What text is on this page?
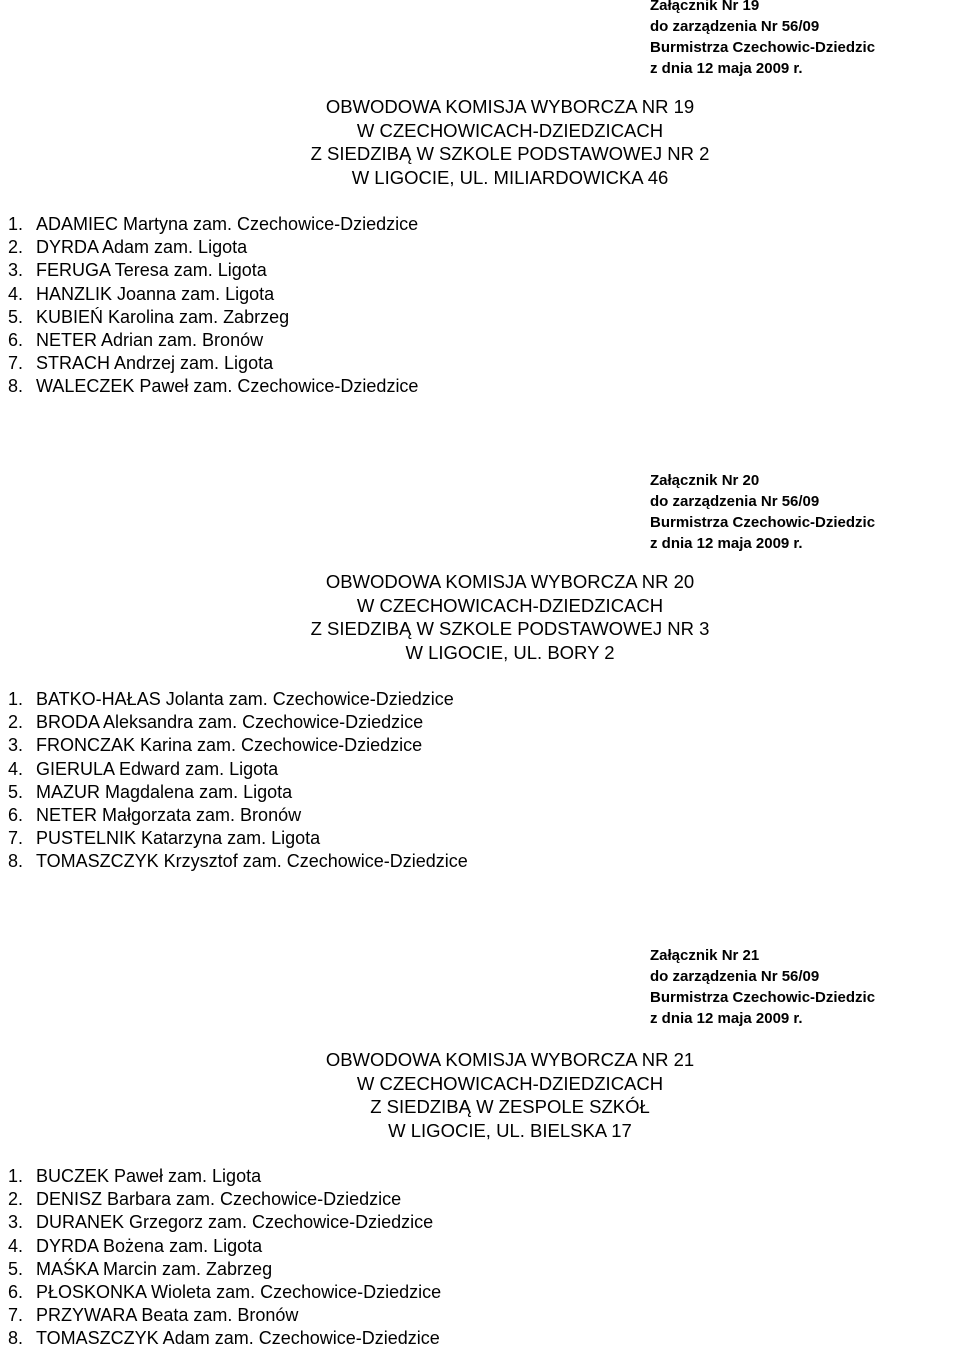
Załącznik Nr 19
do zarządzenia Nr 56/09
Burmistrza Czechowic-Dziedzic
z dnia 12 maja 2009 r.
OBWODOWA KOMISJA WYBORCZA NR 19
W CZECHOWICACH-DZIEDZICACH
Z SIEDZIBĄ W SZKOLE PODSTAWOWEJ NR 2
W LIGOCIE, UL. MILIARDOWICKA 46
1. ADAMIEC Martyna zam. Czechowice-Dziedzice
2. DYRDA Adam zam. Ligota
3. FERUGA Teresa zam. Ligota
4. HANZLIK Joanna zam. Ligota
5. KUBIEŃ Karolina zam. Zabrzeg
6. NETER Adrian zam. Bronów
7. STRACH Andrzej zam. Ligota
8. WALECZEK Paweł zam. Czechowice-Dziedzice
Załącznik Nr 20
do zarządzenia Nr 56/09
Burmistrza Czechowic-Dziedzic
z dnia 12 maja 2009 r.
OBWODOWA KOMISJA WYBORCZA NR 20
W CZECHOWICACH-DZIEDZICACH
Z SIEDZIBĄ W SZKOLE PODSTAWOWEJ NR 3
W LIGOCIE, UL. BORY 2
1. BATKO-HAŁAS Jolanta zam. Czechowice-Dziedzice
2. BRODA Aleksandra zam. Czechowice-Dziedzice
3. FRONCZAK Karina zam. Czechowice-Dziedzice
4. GIERULA Edward zam. Ligota
5. MAZUR Magdalena zam. Ligota
6. NETER Małgorzata zam. Bronów
7. PUSTELNIK Katarzyna zam. Ligota
8. TOMASZCZYK Krzysztof zam. Czechowice-Dziedzice
Załącznik Nr 21
do zarządzenia Nr 56/09
Burmistrza Czechowic-Dziedzic
z dnia 12 maja 2009 r.
OBWODOWA KOMISJA WYBORCZA NR 21
W CZECHOWICACH-DZIEDZICACH
Z SIEDZIBĄ W ZESPOLE SZKÓŁ
W LIGOCIE, UL. BIELSKA 17
1. BUCZEK Paweł zam. Ligota
2. DENISZ Barbara zam. Czechowice-Dziedzice
3. DURANEK Grzegorz zam. Czechowice-Dziedzice
4. DYRDA Bożena zam. Ligota
5. MAŚKA Marcin zam. Zabrzeg
6. PŁOSKONKA Wioleta zam. Czechowice-Dziedzice
7. PRZYWARA Beata zam. Bronów
8. TOMASZCZYK Adam zam. Czechowice-Dziedzice
